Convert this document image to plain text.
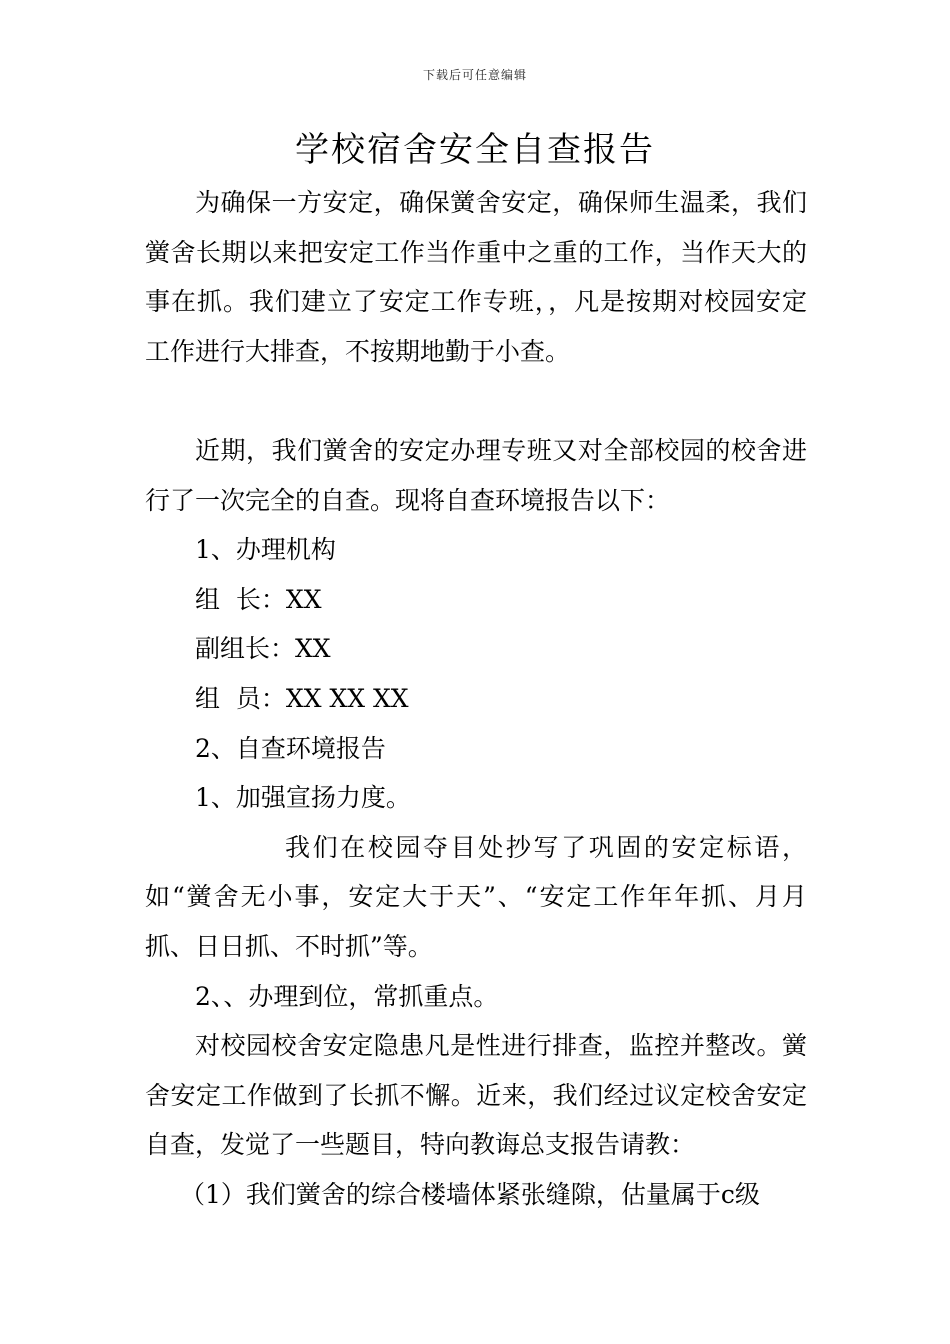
下载后可任意编辑
学校宿舍安全自查报告

为确保一方安定，确保黉舍安定，确保师生温柔，我们黉舍长期以来把安定工作当作重中之重的工作，当作天大的事在抓。我们建立了安定工作专班，，凡是按期对校园安定工作进行大排查，不按期地勤于小查。

近期，我们黉舍的安定办理专班又对全部校园的校舍进行了一次完全的自查。现将自查环境报告以下：

1、办理机构

组  长：XX

副组长：XX

组  员：XX XX XX

2、自查环境报告

1、加强宣扬力度。

我们在校园夺目处抄写了巩固的安定标语，如“黉舍无小事，安定大于天”、“安定工作年年抓、月月抓、日日抓、不时抓”等。

2、、办理到位，常抓重点。

对校园校舍安定隐患凡是性进行排查，监控并整改。黉舍安定工作做到了长抓不懈。近来，我们经过议定校舍安定自查，发觉了一些题目，特向教诲总支报告请教：

（1）我们黉舍的综合楼墙体紧张缝隙，估量属于c级
